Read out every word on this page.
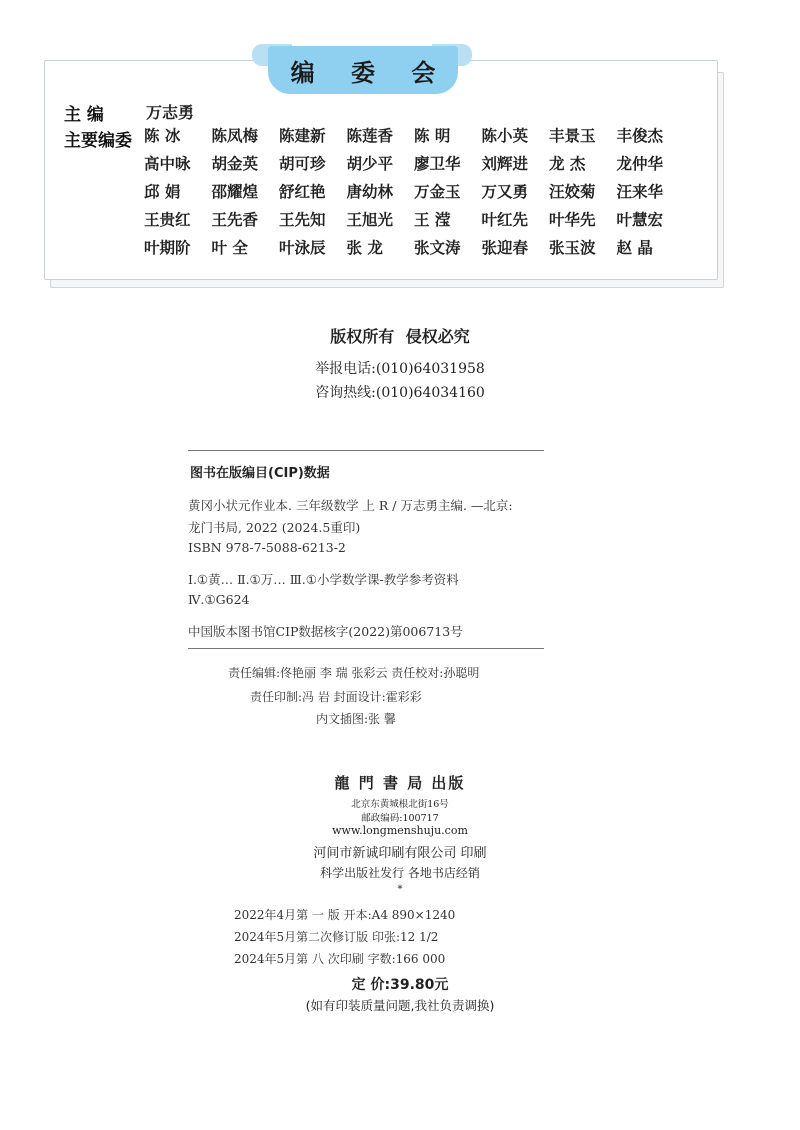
编 委 会
主 编	万志勇
主要编委 陈 冰	陈凤梅	陈建新	陈莲香	陈 明	陈小英	丰景玉	丰俊杰
高中咏	胡金英	胡可珍	胡少平	廖卫华	刘辉进	龙 杰	龙仲华
邱 娟	邵耀煌	舒红艳	唐幼林	万金玉	万又勇	汪姣菊	汪来华
王贵红	王先香	王先知	王旭光	王 滢	叶红先	叶华先	叶慧宏
叶期阶	叶 全	叶泳辰	张 龙	张文涛	张迎春	张玉波	赵 晶
版权所有 侵权必究
举报电话:(010)64031958
咨询热线:(010)64034160
图书在版编目(CIP)数据
黄冈小状元作业本. 三年级数学 上 R / 万志勇主编. —北京:
龙门书局, 2022 (2024.5重印)
ISBN 978-7-5088-6213-2
Ⅰ.①黄… Ⅱ.①万… Ⅲ.①小学数学课-教学参考资料
Ⅳ.①G624
中国版本图书馆CIP数据核字(2022)第006713号
责任编辑:佟艳丽 李 瑞 张彩云 责任校对:孙聪明
责任印制:冯 岩 封面设计:霍彩彩
内文插图:张 馨
龍 門 書 局 出版
北京东黄城根北街16号
邮政编码:100717
www.longmenshuju.com
河间市新诚印刷有限公司 印刷
科学出版社发行 各地书店经销
*
2022年4月第 一 版 开本:A4 890×1240
2024年5月第二次修订版 印张:12 1/2
2024年5月第 八 次印刷 字数:166 000
定 价:39.80元
(如有印装质量问题,我社负责调换)
